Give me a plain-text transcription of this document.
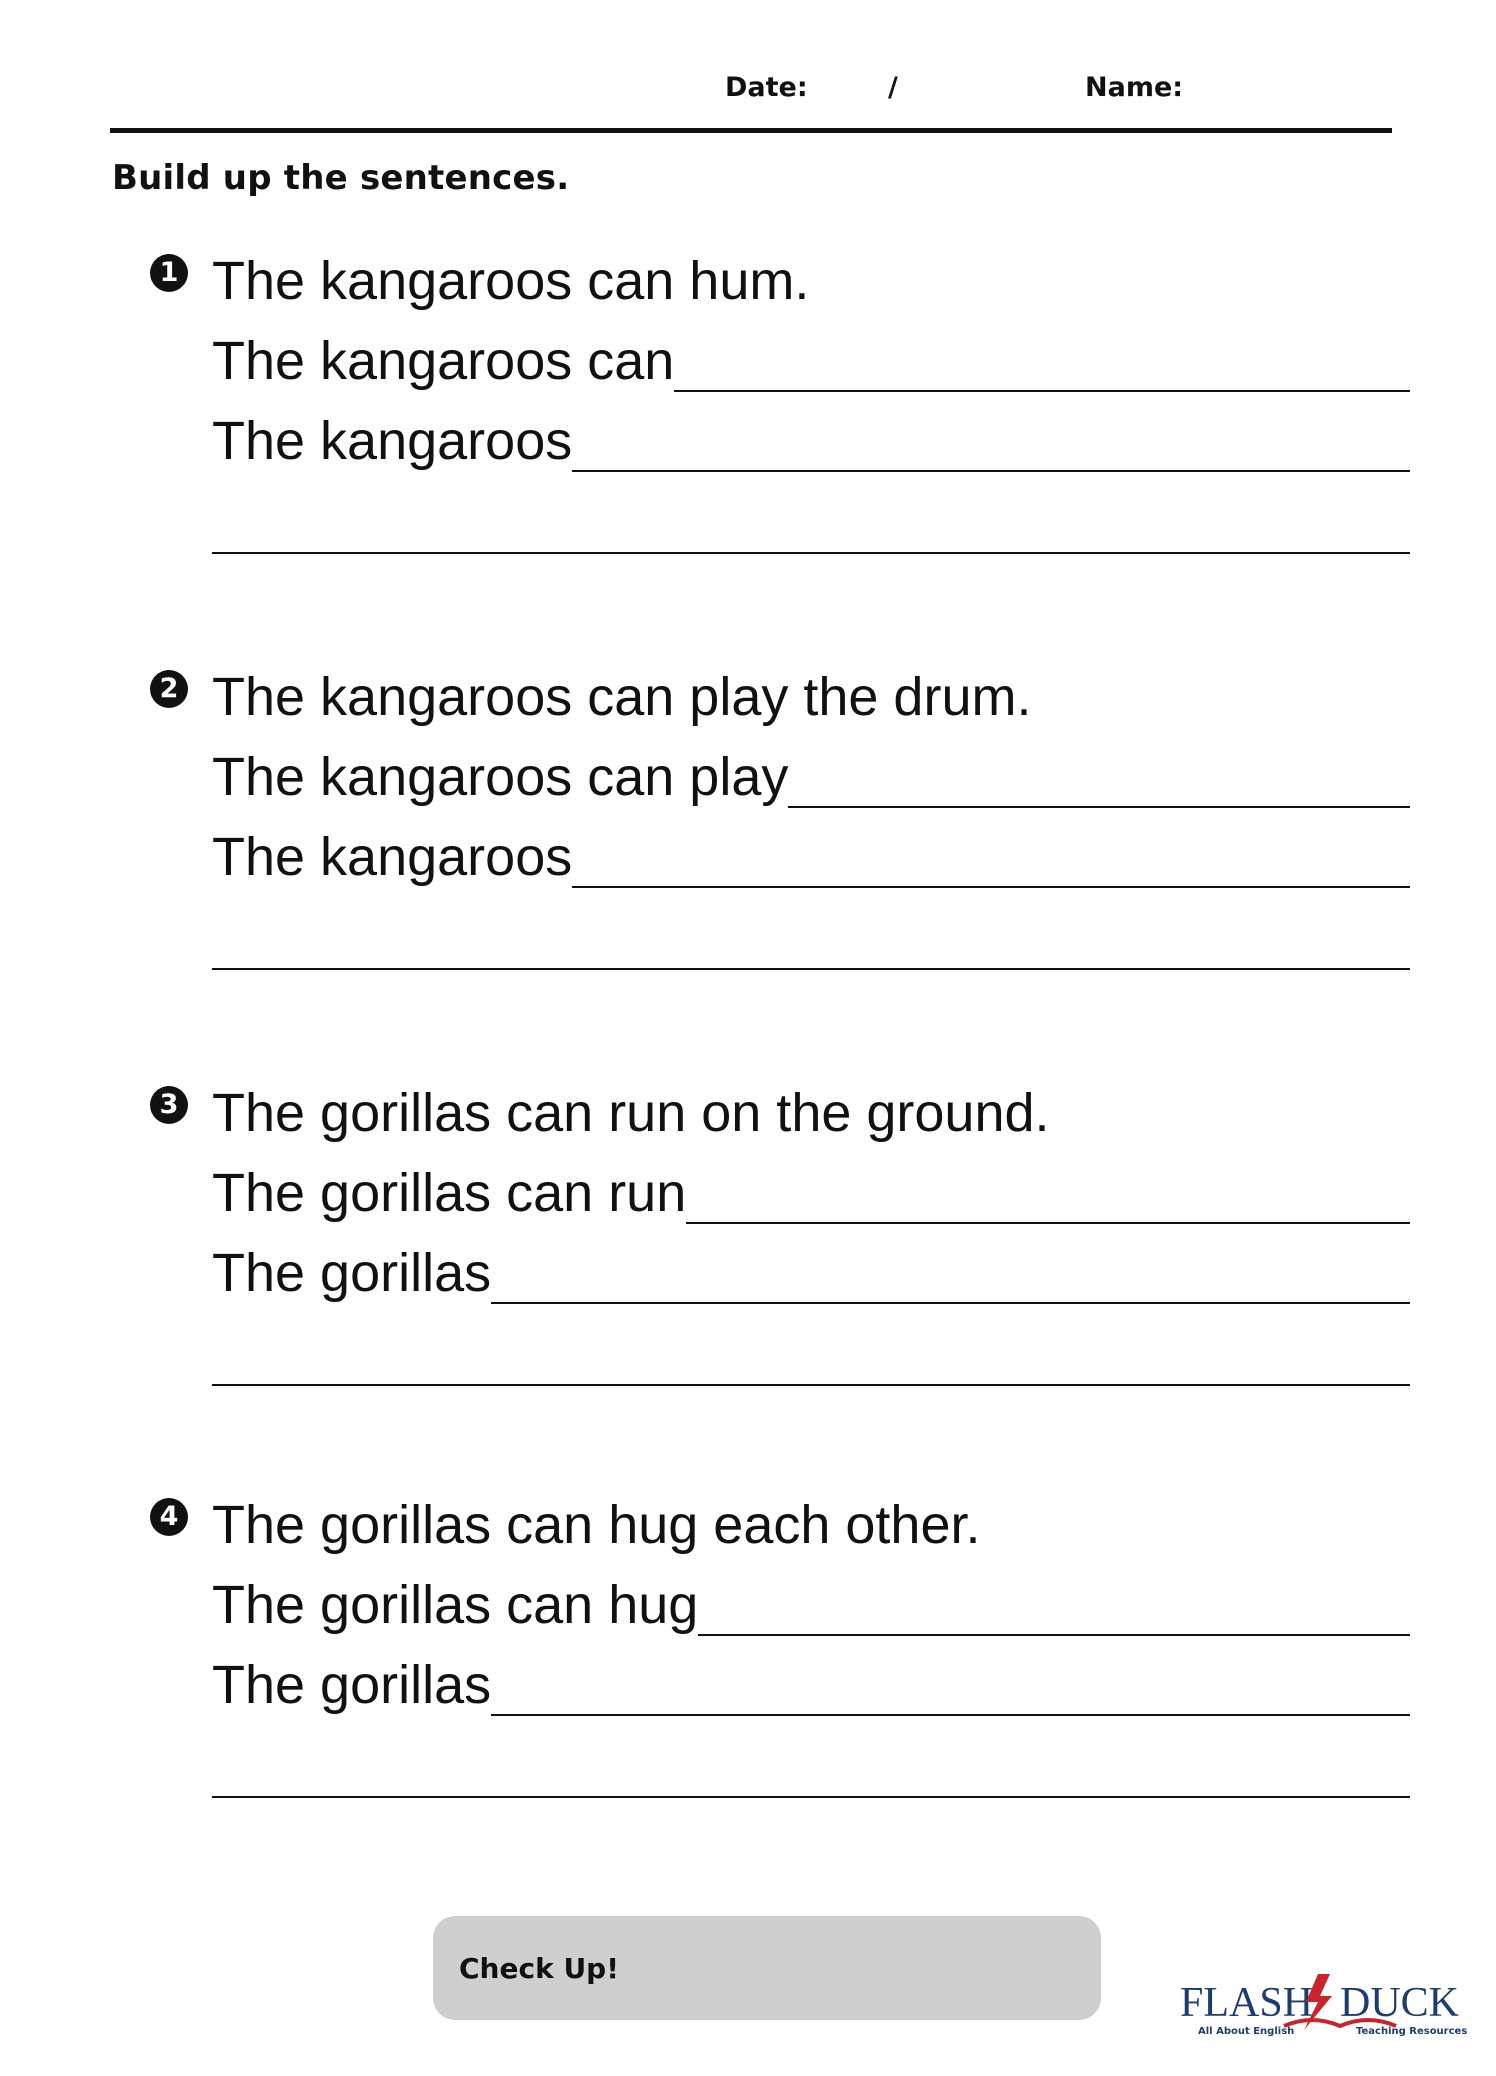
Date:	/	Name:
Build up the sentences.
1 The kangaroos can hum.
The kangaroos can
The kangaroos
2 The kangaroos can play the drum.
The kangaroos can play
The kangaroos
3 The gorillas can run on the ground.
The gorillas can run
The gorillas
4 The gorillas can hug each other.
The gorillas can hug
The gorillas
Check Up!
FLASH DUCK
All About English	Teaching Resources
